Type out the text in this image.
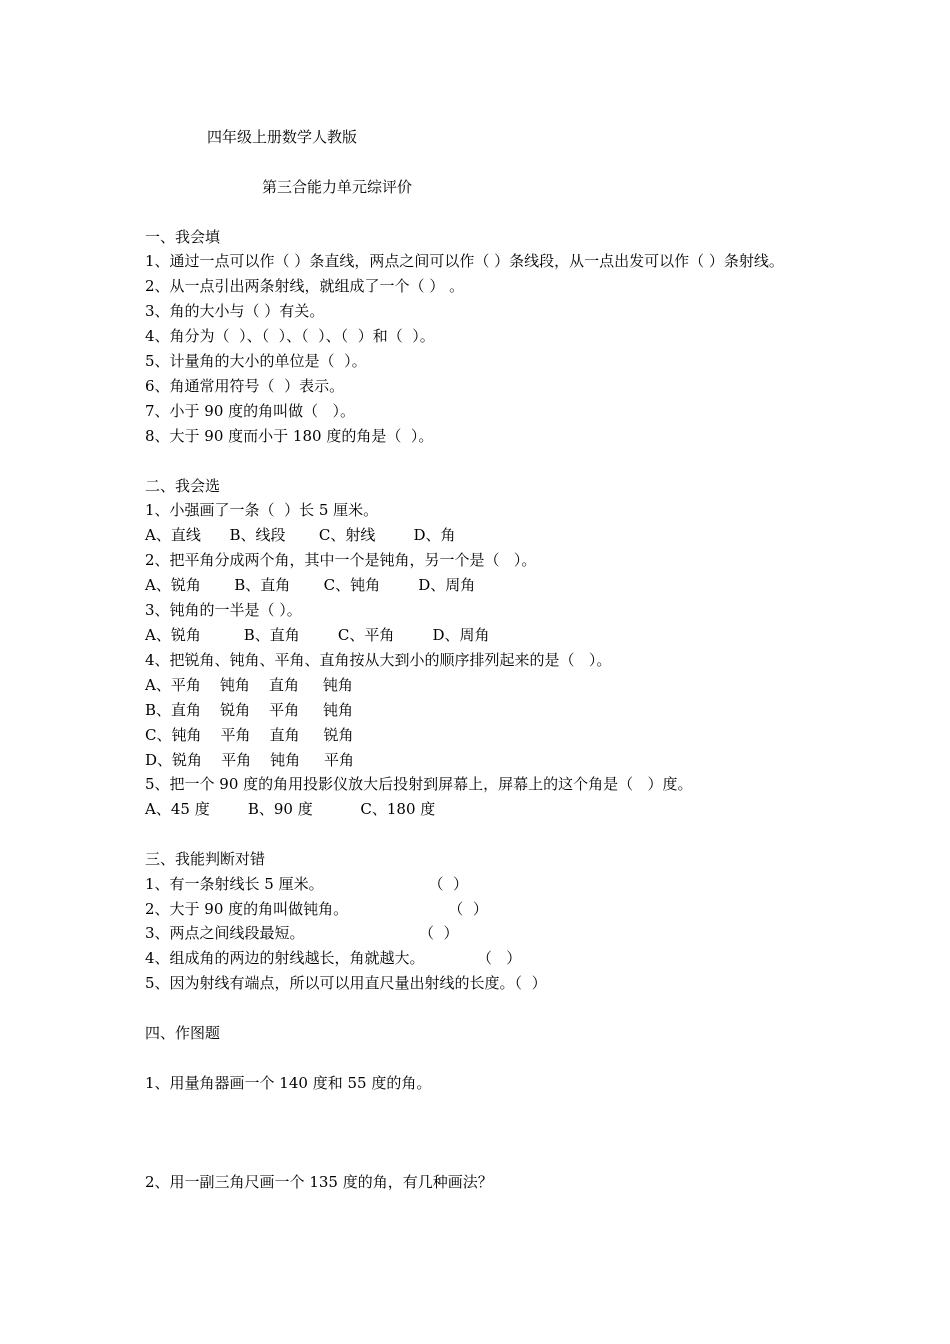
四年级上册数学人教版
第三合能力单元综评价
一、我会填
1、通过一点可以作（ ）条直线，两点之间可以作（ ）条线段，从一点出发可以作（ ）条射线。
2、从一点引出两条射线，就组成了一个（ ） 。
3、角的大小与（ ）有关。
4、角分为（  ）、（  ）、（  ）、（  ）和（  ）。
5、计量角的大小的单位是（  ）。
6、角通常用符号（  ）表示。
7、小于 90 度的角叫做（   ）。
8、大于 90 度而小于 180 度的角是（  ）。
二、我会选
1、小强画了一条（  ）长 5 厘米。
A、直线      B、线段       C、射线        D、角
2、把平角分成两个角，其中一个是钝角，另一个是（   ）。
A、锐角       B、直角       C、钝角        D、周角
3、钝角的一半是（ ）。
A、锐角         B、直角        C、平角        D、周角
4、把锐角、钝角、平角、直角按从大到小的顺序排列起来的是（   ）。
A、平角    钝角    直角     钝角
B、直角    锐角    平角     钝角
C、钝角    平角    直角     锐角
D、锐角    平角    钝角     平角
5、把一个 90 度的角用投影仪放大后投射到屏幕上，屏幕上的这个角是（   ）度。
A、45 度        B、90 度          C、180 度
三、我能判断对错
1、有一条射线长 5 厘米。                      （  ）
2、大于 90 度的角叫做钝角。                     （  ）
3、两点之间线段最短。                        （  ）
4、组成角的两边的射线越长，角就越大。           （   ）
5、因为射线有端点，所以可以用直尺量出射线的长度。（  ）
四、作图题
1、用量角器画一个 140 度和 55 度的角。
2、用一副三角尺画一个 135 度的角，有几种画法？
